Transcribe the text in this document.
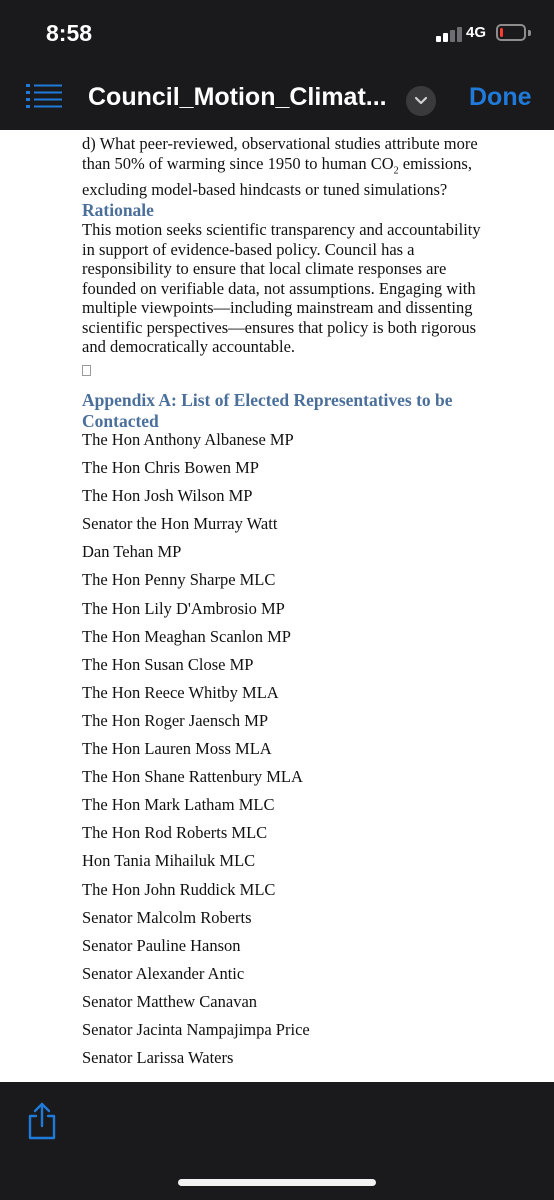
8:58	4G
Council_Motion_Climat...	Done
d) What peer-reviewed, observational studies attribute more than 50% of warming since 1950 to human $CO_2$ emissions, excluding model-based hindcasts or tuned simulations?
Rationale
This motion seeks scientific transparency and accountability in support of evidence-based policy. Council has a responsibility to ensure that local climate responses are founded on verifiable data, not assumptions. Engaging with multiple viewpoints—including mainstream and dissenting scientific perspectives—ensures that policy is both rigorous and democratically accountable.
Appendix A: List of Elected Representatives to be Contacted
The Hon Anthony Albanese MP
The Hon Chris Bowen MP
The Hon Josh Wilson MP
Senator the Hon Murray Watt
Dan Tehan MP
The Hon Penny Sharpe MLC
The Hon Lily D'Ambrosio MP
The Hon Meaghan Scanlon MP
The Hon Susan Close MP
The Hon Reece Whitby MLA
The Hon Roger Jaensch MP
The Hon Lauren Moss MLA
The Hon Shane Rattenbury MLA
The Hon Mark Latham MLC
The Hon Rod Roberts MLC
Hon Tania Mihailuk MLC
The Hon John Ruddick MLC
Senator Malcolm Roberts
Senator Pauline Hanson
Senator Alexander Antic
Senator Matthew Canavan
Senator Jacinta Nampajimpa Price
Senator Larissa Waters
